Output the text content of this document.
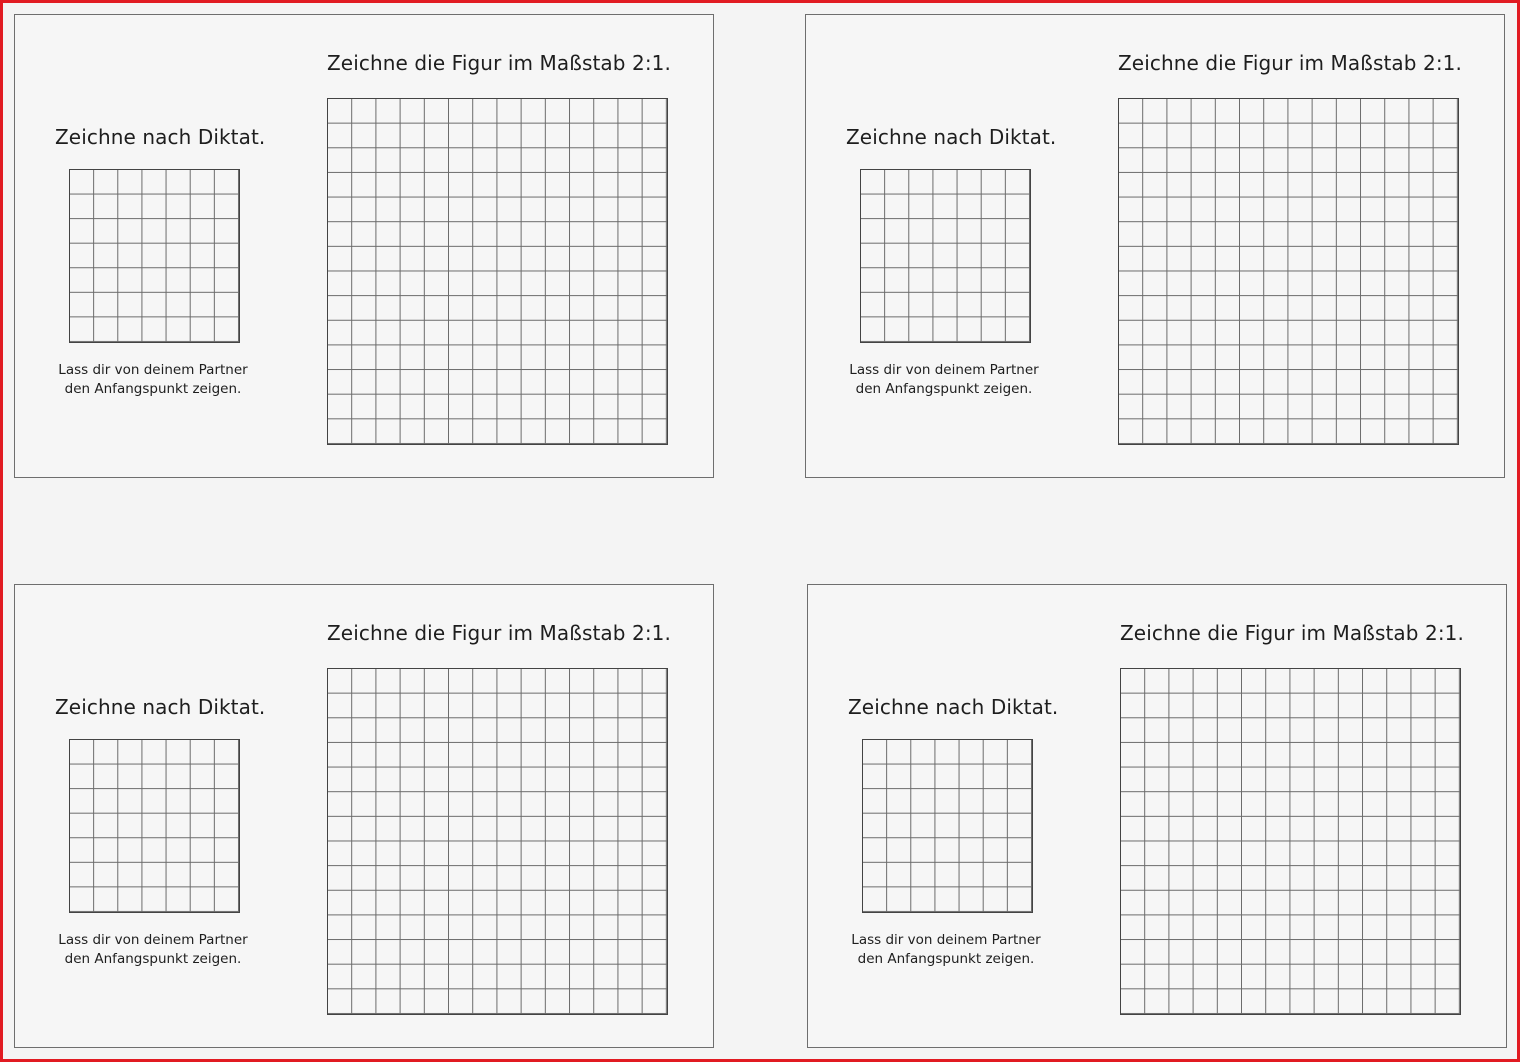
Zeichne nach Diktat.
Lass dir von deinem Partner
den Anfangspunkt zeigen.
Zeichne die Figur im Maßstab 2:1.
Zeichne nach Diktat.
Lass dir von deinem Partner
den Anfangspunkt zeigen.
Zeichne die Figur im Maßstab 2:1.
Zeichne nach Diktat.
Lass dir von deinem Partner
den Anfangspunkt zeigen.
Zeichne die Figur im Maßstab 2:1.
Zeichne nach Diktat.
Lass dir von deinem Partner
den Anfangspunkt zeigen.
Zeichne die Figur im Maßstab 2:1.
